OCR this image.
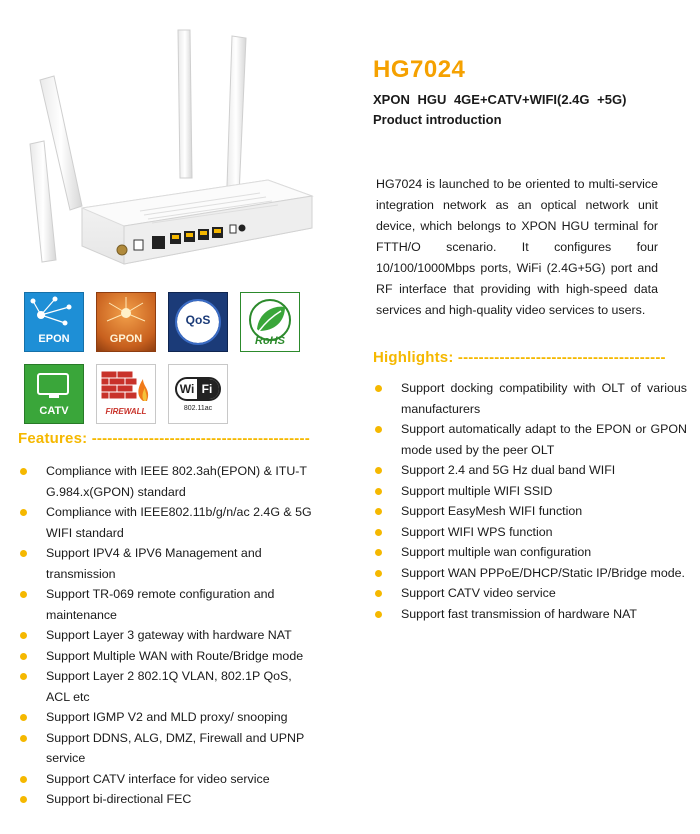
EPON	GPON
QoS
RoHS
CATV	FIREWALL
Wi Fi
802.11ac
HG7024
XPON HGU 4GE+CATV+WIFI(2.4G +5G)
Product introduction
HG7024 is launched to be oriented to multi-service integration network as an optical network unit device, which belongs to XPON HGU terminal for FTTH/O scenario. It configures four 10/100/1000Mbps ports, WiFi (2.4G+5G) port and RF interface that providing with high-speed data services and high-quality video services to users.
Features: ------------------------------------------
Compliance with IEEE 802.3ah(EPON) & ITU-T G.984.x(GPON) standard
Compliance with IEEE802.11b/g/n/ac 2.4G & 5G WIFI standard
Support IPV4 & IPV6 Management and transmission
Support TR-069 remote configuration and maintenance
Support Layer 3 gateway with hardware NAT
Support Multiple WAN with Route/Bridge mode
Support Layer 2 802.1Q VLAN, 802.1P QoS, ACL etc
Support IGMP V2 and MLD proxy/ snooping
Support DDNS, ALG, DMZ, Firewall and UPNP service
Support CATV interface for video service
Support bi-directional FEC
Highlights: ----------------------------------------
Support docking compatibility with OLT of various manufacturers
Support automatically adapt to the EPON or GPON mode used by the peer OLT
Support 2.4 and 5G Hz dual band WIFI
Support multiple WIFI SSID
Support EasyMesh WIFI function
Support WIFI WPS function
Support multiple wan configuration
Support WAN PPPoE/DHCP/Static IP/Bridge mode.
Support CATV video service
Support fast transmission of hardware NAT
